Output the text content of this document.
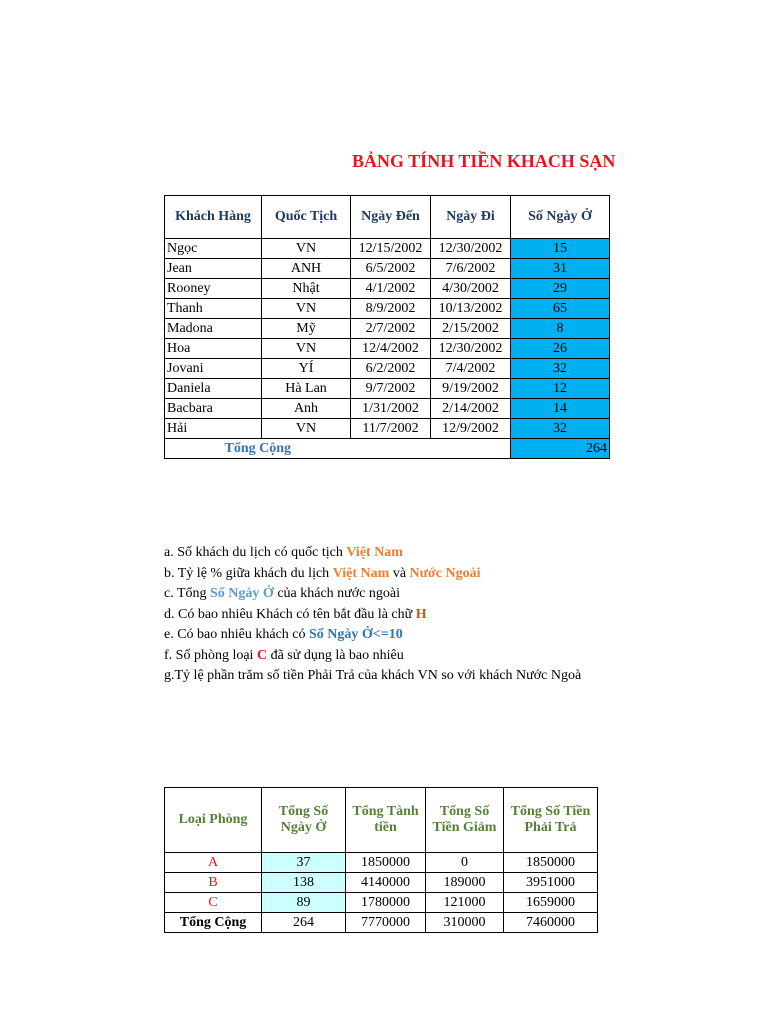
BẢNG TÍNH TIỀN KHACH SẠN
Khách Hàng	Quốc Tịch	Ngày Đến	Ngày Đi	Số Ngày Ở
Ngọc	VN	12/15/2002	12/30/2002	15
Jean	ANH	6/5/2002	7/6/2002	31
Rooney	Nhật	4/1/2002	4/30/2002	29
Thanh	VN	8/9/2002	10/13/2002	65
Madona	Mỹ	2/7/2002	2/15/2002	8
Hoa	VN	12/4/2002	12/30/2002	26
Jovani	YÍ	6/2/2002	7/4/2002	32
Daniela	Hà Lan	9/7/2002	9/19/2002	12
Bacbara	Anh	1/31/2002	2/14/2002	14
Hải	VN	11/7/2002	12/9/2002	32
Tổng Cộng				264
a. Số khách du lịch có quốc tịch Việt Nam
b. Tỷ lệ % giữa khách du lịch Việt Nam và Nước Ngoài
c. Tổng Số Ngày Ở của khách nước ngoài
d. Có bao nhiêu Khách có tên bắt đầu là chữ H
e. Có bao nhiêu khách có Số Ngày Ở<=10
f. Số phòng loại C đã sử dụng là bao nhiêu
g.Tỷ lệ phần trăm số tiền Phải Trả của khách VN so với khách Nước Ngoà
Loại Phòng	Tổng Số Ngày Ở	Tổng Tành tiền	Tổng Số Tiền Giảm	Tổng Số Tiền Phải Trả
A	37	1850000	0	1850000
B	138	4140000	189000	3951000
C	89	1780000	121000	1659000
Tổng Cộng	264	7770000	310000	7460000
